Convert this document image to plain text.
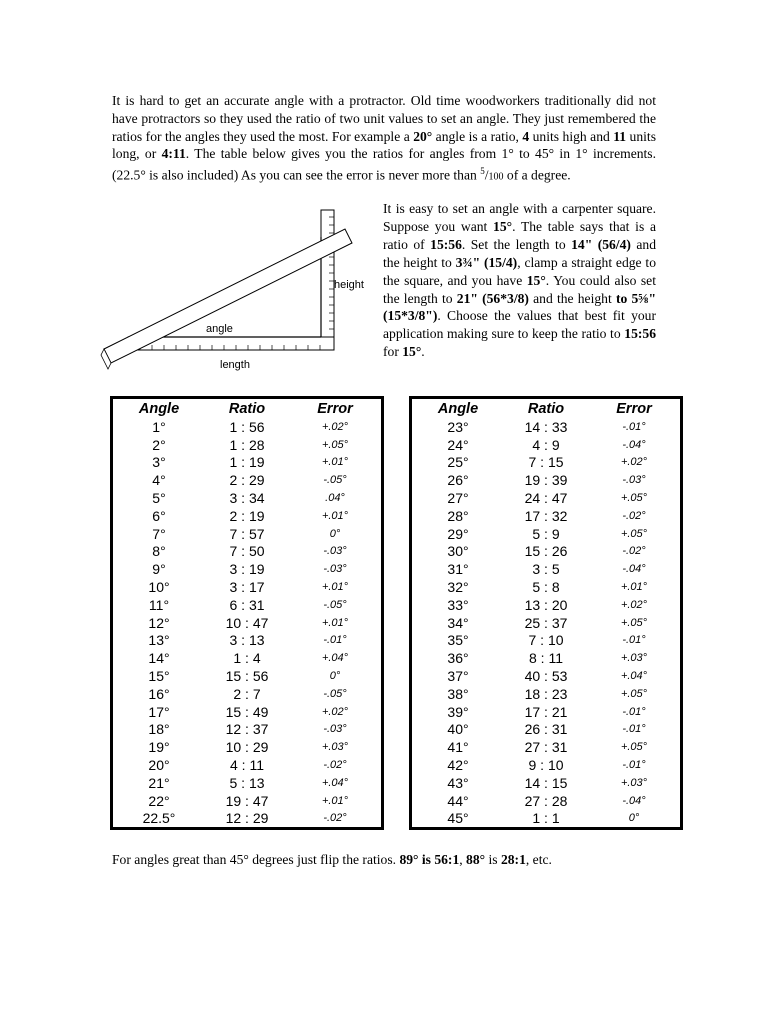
It is hard to get an accurate angle with a protractor. Old time woodworkers traditionally did not have protractors so they used the ratio of two unit values to set an angle. They just remembered the ratios for the angles they used the most. For example a 20° angle is a ratio, 4 units high and 11 units long, or 4:11. The table below gives you the ratios for angles from 1° to 45° in 1° increments. (22.5° is also included) As you can see the error is never more than $^5$/100 of a degree.

height
angle
length

It is easy to set an angle with a carpenter square. Suppose you want 15°. The table says that is a ratio of 15:56. Set the length to 14" (56/4) and the height to 3¾" (15/4), clamp a straight edge to the square, and you have 15°. You could also set the length to 21" (56*3/8) and the height to 5⅝" (15*3/8"). Choose the values that best fit your application making sure to keep the ratio to 15:56 for 15°.

Angle	Ratio	Error
1°	1 : 56	+.02°
2°	1 : 28	+.05°
3°	1 : 19	+.01°
4°	2 : 29	-.05°
5°	3 : 34	.04°
6°	2 : 19	+.01°
7°	7 : 57	0°
8°	7 : 50	-.03°
9°	3 : 19	-.03°
10°	3 : 17	+.01°
11°	6 : 31	-.05°
12°	10 : 47	+.01°
13°	3 : 13	-.01°
14°	1 : 4	+.04°
15°	15 : 56	0°
16°	2 : 7	-.05°
17°	15 : 49	+.02°
18°	12 : 37	-.03°
19°	10 : 29	+.03°
20°	4 : 11	-.02°
21°	5 : 13	+.04°
22°	19 : 47	+.01°
22.5°	12 : 29	-.02°
Angle	Ratio	Error
23°	14 : 33	-.01°
24°	4 : 9	-.04°
25°	7 : 15	+.02°
26°	19 : 39	-.03°
27°	24 : 47	+.05°
28°	17 : 32	-.02°
29°	5 : 9	+.05°
30°	15 : 26	-.02°
31°	3 : 5	-.04°
32°	5 : 8	+.01°
33°	13 : 20	+.02°
34°	25 : 37	+.05°
35°	7 : 10	-.01°
36°	8 : 11	+.03°
37°	40 : 53	+.04°
38°	18 : 23	+.05°
39°	17 : 21	-.01°
40°	26 : 31	-.01°
41°	27 : 31	+.05°
42°	9 : 10	-.01°
43°	14 : 15	+.03°
44°	27 : 28	-.04°
45°	1 : 1	0°

For angles great than 45° degrees just flip the ratios. 89° is 56:1, 88° is 28:1, etc.
